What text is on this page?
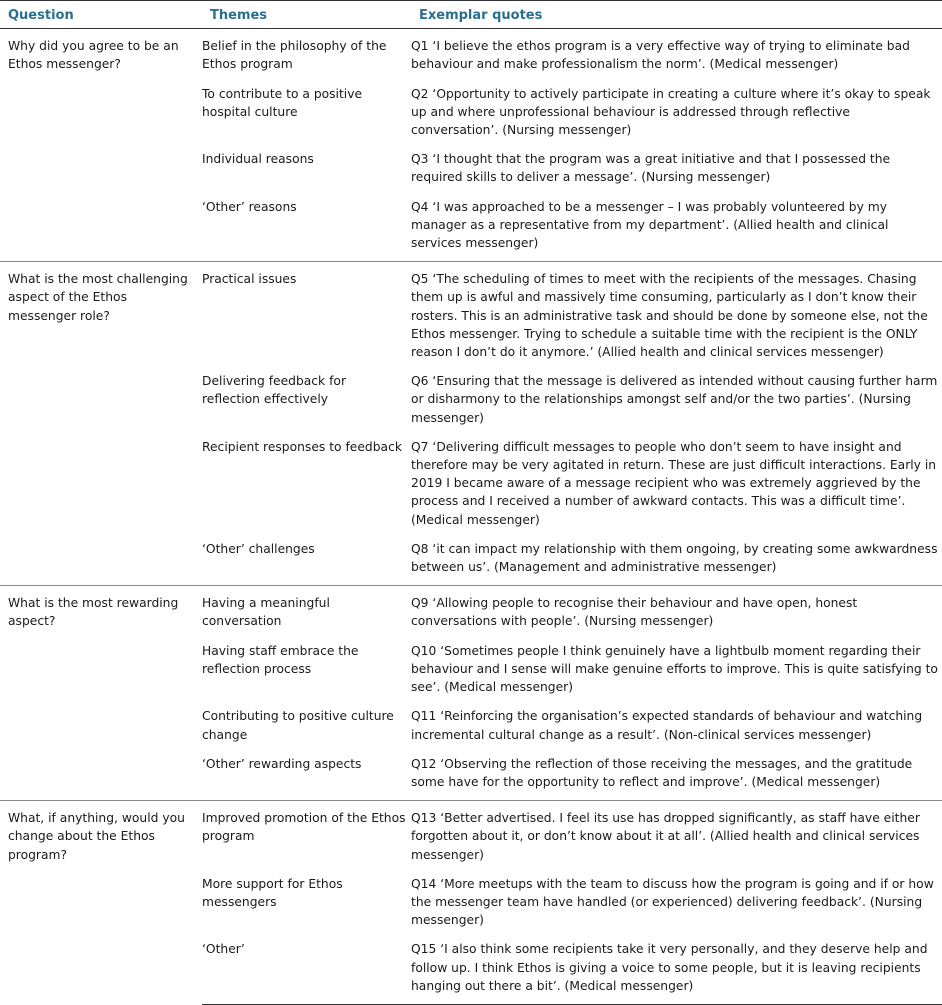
Question	Themes	Exemplar quotes
Why did you agree to be an Ethos messenger?	Belief in the philosophy of the Ethos program	Q1 ‘I believe the ethos program is a very effective way of trying to eliminate bad behaviour and make professionalism the norm’. (Medical messenger)

	To contribute to a positive hospital culture	Q2 ‘Opportunity to actively participate in creating a culture where it’s okay to speak up and where unprofessional behaviour is addressed through reflective conversation’. (Nursing messenger)

	Individual reasons	Q3 ‘I thought that the program was a great initiative and that I possessed the required skills to deliver a message’. (Nursing messenger)

	‘Other’ reasons	Q4 ‘I was approached to be a messenger – I was probably volunteered by my manager as a representative from my department’. (Allied health and clinical services messenger)

What is the most challenging aspect of the Ethos messenger role?	Practical issues	Q5 ‘The scheduling of times to meet with the recipients of the messages. Chasing them up is awful and massively time consuming, particularly as I don’t know their rosters. This is an administrative task and should be done by someone else, not the Ethos messenger. Trying to schedule a suitable time with the recipient is the ONLY reason I don’t do it anymore.’ (Allied health and clinical services messenger)

	Delivering feedback for reflection effectively	Q6 ‘Ensuring that the message is delivered as intended without causing further harm or disharmony to the relationships amongst self and/or the two parties’. (Nursing messenger)

	Recipient responses to feedback	Q7 ‘Delivering difficult messages to people who don’t seem to have insight and therefore may be very agitated in return. These are just difficult interactions. Early in 2019 I became aware of a message recipient who was extremely aggrieved by the process and I received a number of awkward contacts. This was a difficult time’. (Medical messenger)

	‘Other’ challenges	Q8 ‘it can impact my relationship with them ongoing, by creating some awkwardness between us’. (Management and administrative messenger)

What is the most rewarding aspect?	Having a meaningful conversation	Q9 ‘Allowing people to recognise their behaviour and have open, honest conversations with people’. (Nursing messenger)

	Having staff embrace the reflection process	Q10 ‘Sometimes people I think genuinely have a lightbulb moment regarding their behaviour and I sense will make genuine efforts to improve. This is quite satisfying to see’. (Medical messenger)

	Contributing to positive culture change	Q11 ‘Reinforcing the organisation’s expected standards of behaviour and watching incremental cultural change as a result’. (Non-clinical services messenger)

	‘Other’ rewarding aspects	Q12 ‘Observing the reflection of those receiving the messages, and the gratitude some have for the opportunity to reflect and improve’. (Medical messenger)

What, if anything, would you change about the Ethos program?	Improved promotion of the Ethos program	Q13 ‘Better advertised. I feel its use has dropped significantly, as staff have either forgotten about it, or don’t know about it at all’. (Allied health and clinical services messenger)

	More support for Ethos messengers	Q14 ‘More meetups with the team to discuss how the program is going and if or how the messenger team have handled (or experienced) delivering feedback’. (Nursing messenger)

	‘Other’	Q15 ‘I also think some recipients take it very personally, and they deserve help and follow up. I think Ethos is giving a voice to some people, but it is leaving recipients hanging out there a bit’. (Medical messenger)
